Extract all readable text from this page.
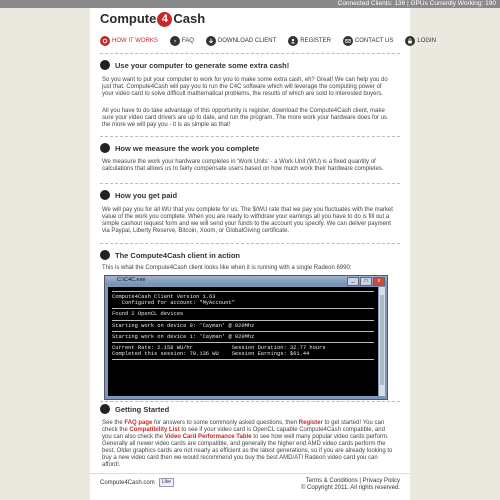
Connected Clients: 136 | GPUs Currently Working: 190
Compute 4 Cash
HOW IT WORKS ? FAQ	DOWNLOAD CLIENT	REGISTER	CONTACT US	LOGIN
Use your computer to generate some extra cash!

So you want to put your computer to work for you to make some extra cash, eh? Great! We can help you do just that. Compute4Cash will pay you to run the C4C software which will leverage the computing power of your video card to solve difficult mathematical problems, the results of which are sold to interested buyers.

All you have to do take advantage of this opportunity is register, download the Compute4Cash client, make sure your video card drivers are up to date, and run the program. The more work your hardware does for us the more we will pay you - it is as simple as that!

How we measure the work you complete

We measure the work your hardware completes in 'Work Units' - a Work Unit (WU) is a fixed quantity of calculations that allows us to fairly compensate users based on how much work their hardware completes.

How you get paid

We will pay you for all WU that you complete for us. The $/WU rate that we pay you fluctuates with the market value of the work you complete. When you are ready to withdraw your earnings all you have to do is fill out a simple cashout request form and we will send your funds to the account you specify. We can deliver payment via Paypal, Liberty Reserve, Bitcoin, Xoom, or GlobalGiving certificate.

The Compute4Cash client in action

This is what the Compute4Cash client looks like when it is running with a single Radeon 6990:

C:\C4C.exe	_	□	x
Compute4Cash Client Version 1.63
Configured for account: "MyAccount"
Found 2 OpenCL devices
Starting work on device 0: 'Cayman' @ 920Mhz
Starting work on device 1: 'Cayman' @ 920Mhz
Current Rate: 2.158 WU/hr            Session Duration: 32.77 hours
Completed this session: 70.136 WU    Session Earnings: $61.44
Getting Started

See the FAQ page for answers to some commonly asked questions, then Register to get started! You can check the Compatibility List to see if your video card is OpenCL capable Compute4Cash compatible, and you can also check the Video Card Performance Table to see how well many popular video cards perform. Generally all newer video cards are compatible, and generally the higher end AMD video cards perform the best. Older graphics cards are not nearly as efficient as the latest generations, so if you are already looking to buy a new video card then we would recommend you buy the best AMD/ATI Radeon video card you can afford!.

Compute4Cash.com	Like	Terms & Conditions | Privacy Policy
© Copyright 2011. All rights reserved.
